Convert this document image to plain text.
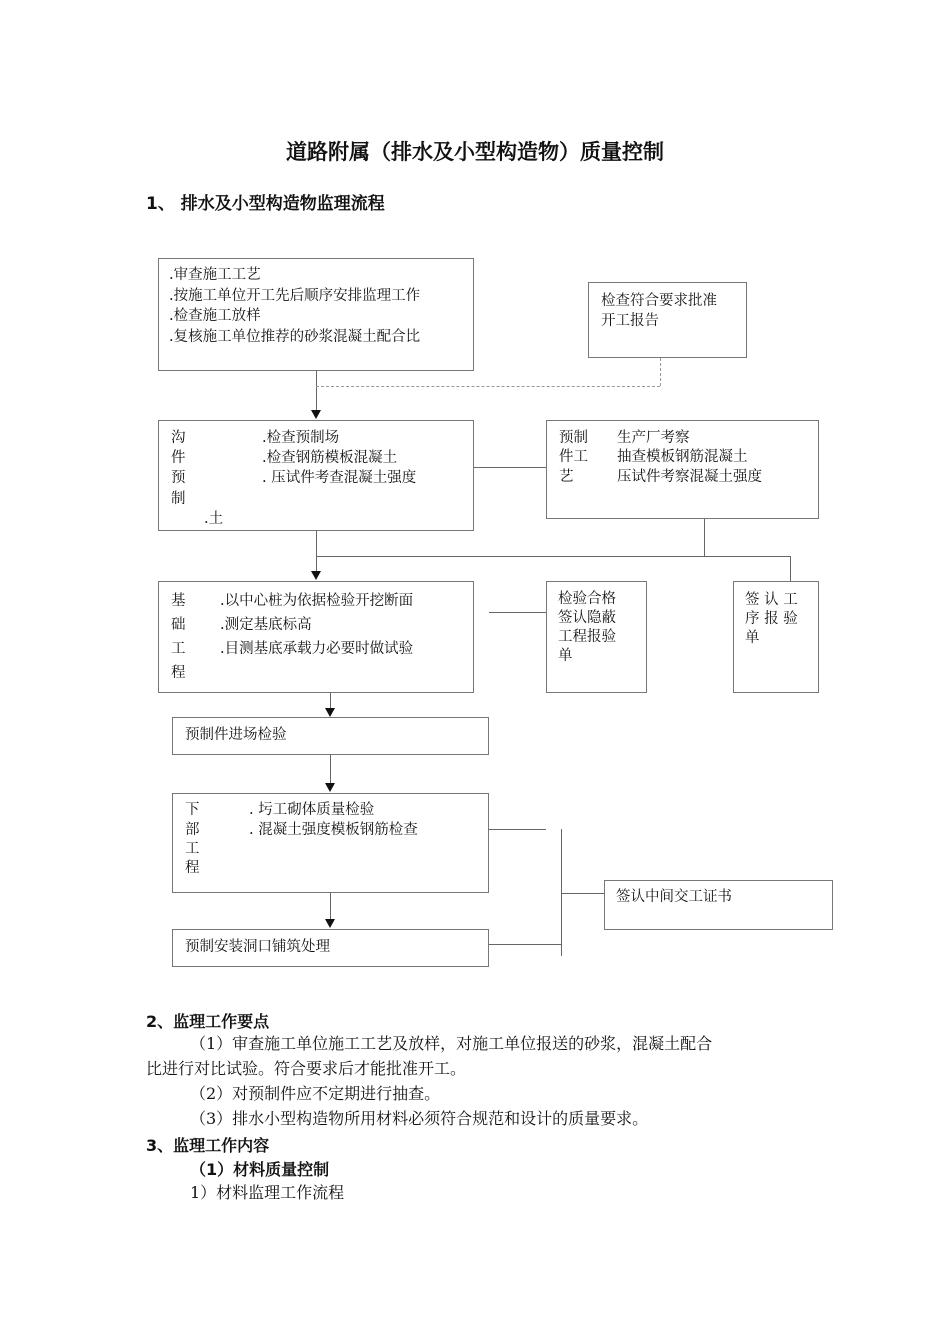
道路附属（排水及小型构造物）质量控制
1、 排水及小型构造物监理流程
.审查施工工艺
.按施工单位开工先后顺序安排监理工作
.检查施工放样
.复核施工单位推荐的砂浆混凝土配合比
检查符合要求批准
开工报告
沟
件
预
制
.检查预制场
.检查钢筋模板混凝土
. 压试件考查混凝土强度
.土
预制
件工
艺
生产厂考察
抽查模板钢筋混凝土
压试件考察混凝土强度
基
础
工
程
.以中心桩为依据检验开挖断面
.测定基底标高
.目测基底承载力必要时做试验
检验合格
签认隐蔽
工程报验
单
签 认 工
序 报 验
单
预制件进场检验
下
部
工
程
. 圬工砌体质量检验
. 混凝土强度模板钢筋检查
签认中间交工证书
预制安装洞口铺筑处理
2、监理工作要点
（1）审查施工单位施工工艺及放样，对施工单位报送的砂浆，混凝土配合
比进行对比试验。符合要求后才能批准开工。
（2）对预制件应不定期进行抽查。
（3）排水小型构造物所用材料必须符合规范和设计的质量要求。
3、监理工作内容
（1）材料质量控制
1）材料监理工作流程
